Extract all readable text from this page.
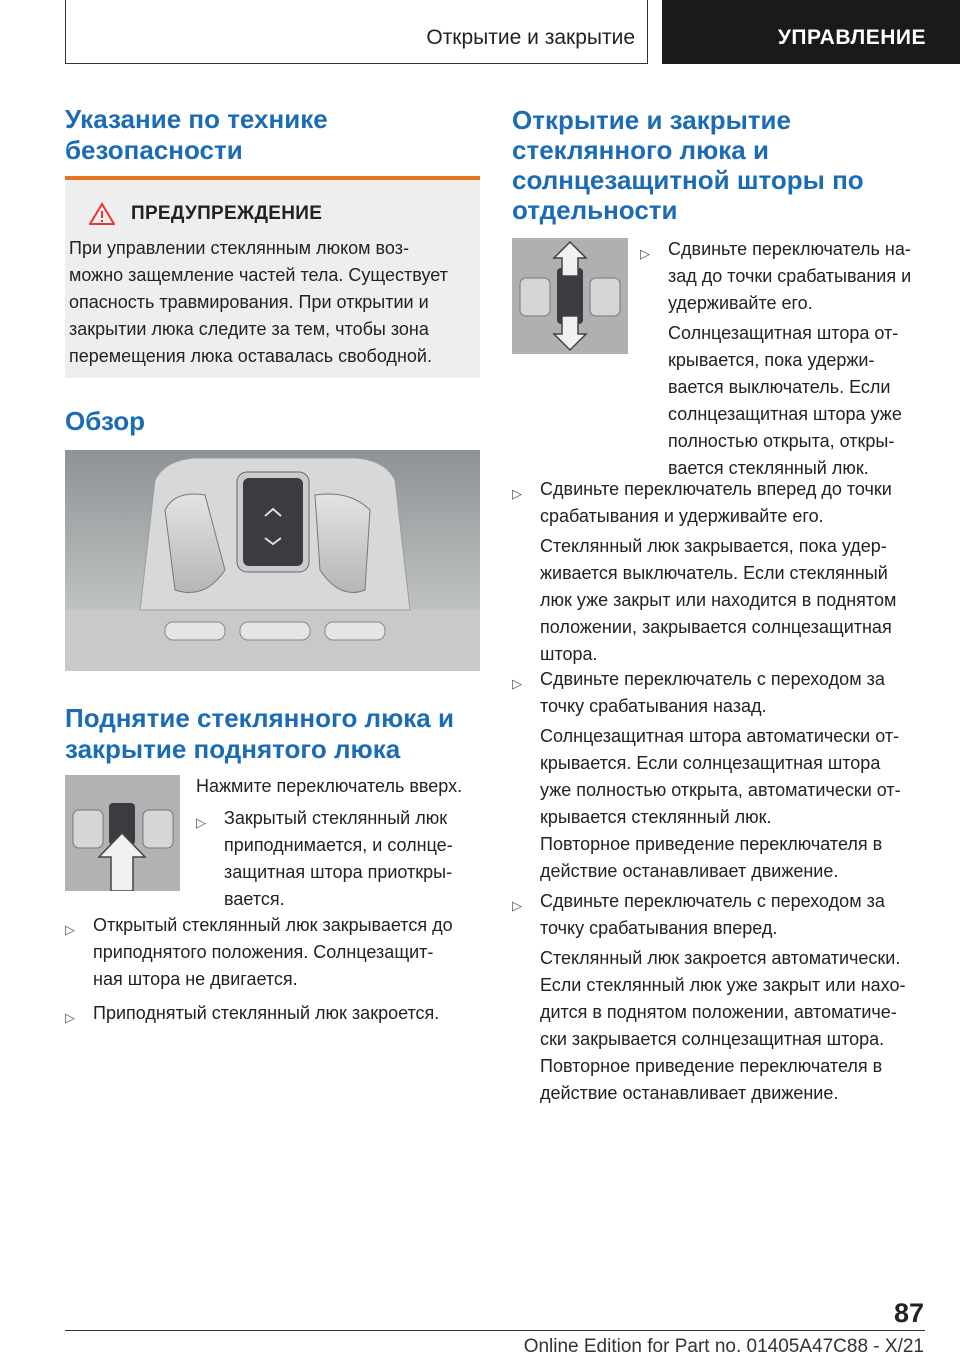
Открытие и закрытие	УПРАВЛЕНИЕ
Указание по технике
безопасности
ПРЕДУПРЕЖДЕНИЕ
При управлении стеклянным люком воз-
можно защемление частей тела. Существует
опасность травмирования. При открытии и
закрытии люка следите за тем, чтобы зона
перемещения люка оставалась свободной.
Обзор
Поднятие стеклянного люка и
закрытие поднятого люка
Нажмите переключатель вверх.
▷	Закрытый стеклянный люк
приподнимается, и солнце-
защитная штора приоткры-
вается.
▷	Открытый стеклянный люк закрывается до
приподнятого положения. Солнцезащит-
ная штора не двигается.
▷	Приподнятый стеклянный люк закроется.
Открытие и закрытие
стеклянного люка и
солнцезащитной шторы по
отдельности
▷	Сдвиньте переключатель на-
зад до точки срабатывания и
удерживайте его.
Солнцезащитная штора от-
крывается, пока удержи-
вается выключатель. Если
солнцезащитная штора уже
полностью открыта, откры-
вается стеклянный люк.
▷	Сдвиньте переключатель вперед до точки
срабатывания и удерживайте его.
Стеклянный люк закрывается, пока удер-
живается выключатель. Если стеклянный
люк уже закрыт или находится в поднятом
положении, закрывается солнцезащитная
штора.
▷	Сдвиньте переключатель с переходом за
точку срабатывания назад.
Солнцезащитная штора автоматически от-
крывается. Если солнцезащитная штора
уже полностью открыта, автоматически от-
крывается стеклянный люк.
Повторное приведение переключателя в
действие останавливает движение.
▷	Сдвиньте переключатель с переходом за
точку срабатывания вперед.
Стеклянный люк закроется автоматически.
Если стеклянный люк уже закрыт или нахо-
дится в поднятом положении, автоматиче-
ски закрывается солнцезащитная штора.
Повторное приведение переключателя в
действие останавливает движение.
87
Online Edition for Part no. 01405A47C88 - X/21
